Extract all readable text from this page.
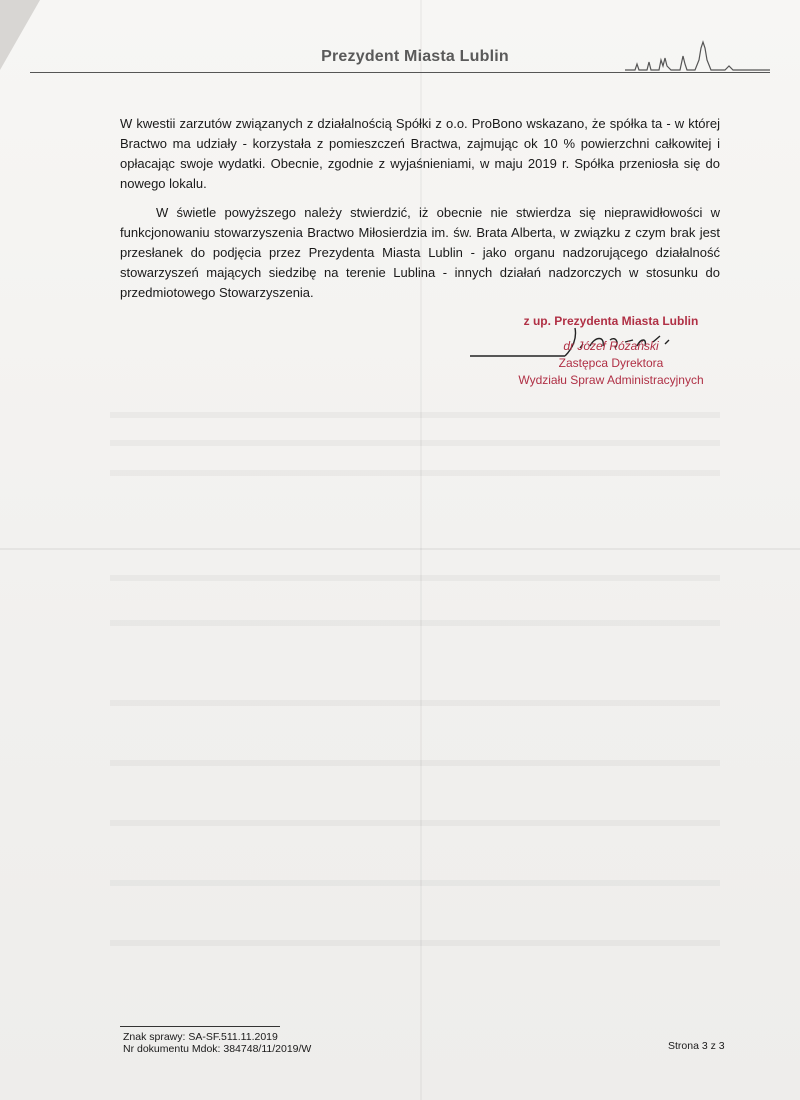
Prezydent Miasta Lublin

W kwestii zarzutów związanych z działalnością Spółki z o.o. ProBono wskazano, że spółka ta - w której Bractwo ma udziały - korzystała z pomieszczeń Bractwa, zajmując ok 10 % powierzchni całkowitej i opłacając swoje wydatki. Obecnie, zgodnie z wyjaśnieniami, w maju 2019 r. Spółka przeniosła się do nowego lokalu.

W świetle powyższego należy stwierdzić, iż obecnie nie stwierdza się nieprawidłowości w funkcjonowaniu stowarzyszenia Bractwo Miłosierdzia im. św. Brata Alberta, w związku z czym brak jest przesłanek do podjęcia przez Prezydenta Miasta Lublin - jako organu nadzorującego działalność stowarzyszeń mających siedzibę na terenie Lublina - innych działań nadzorczych w stosunku do przedmiotowego Stowarzyszenia.

z up. Prezydenta Miasta Lublin
dr Józef Różański
Zastępca Dyrektora
Wydziału Spraw Administracyjnych
Znak sprawy: SA-SF.511.11.2019
Nr dokumentu Mdok: 384748/11/2019/W	Strona 3 z 3
